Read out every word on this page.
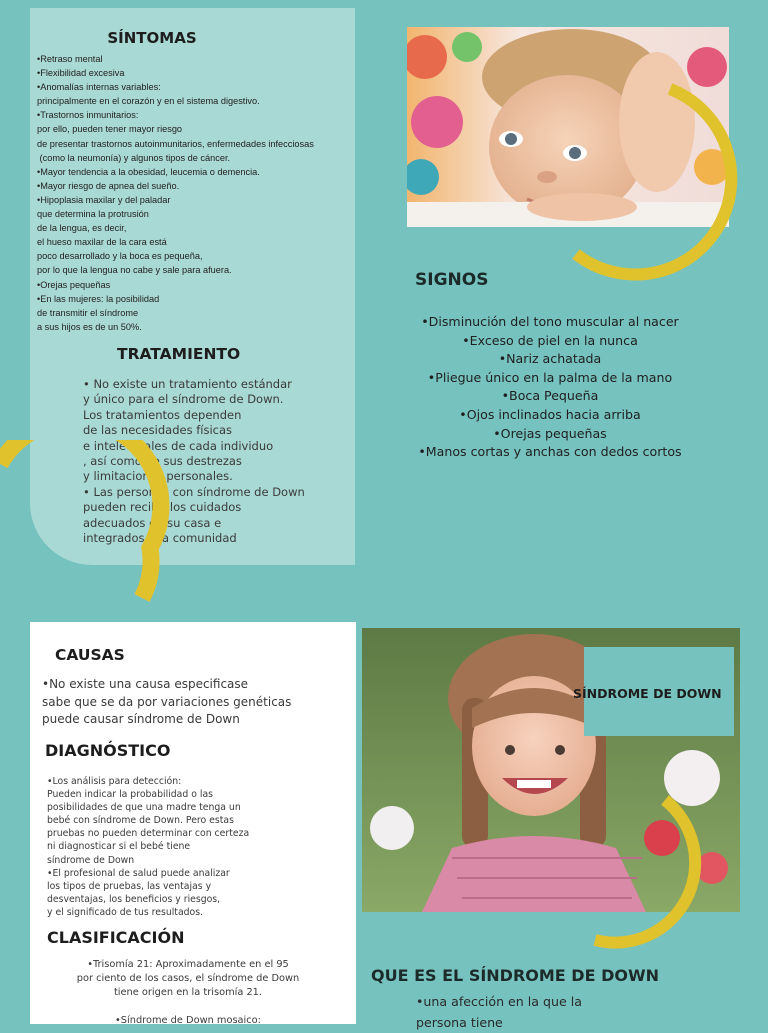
SÍNTOMAS
•Retraso mental
•Flexibilidad excesiva
•Anomalías internas variables:
principalmente en el corazón y en el sistema digestivo.
•Trastornos inmunitarios:
por ello, pueden tener mayor riesgo
de presentar trastornos autoinmunitarios, enfermedades infecciosas
(como la neumonía) y algunos tipos de cáncer.
•Mayor tendencia a la obesidad, leucemia o demencia.
•Mayor riesgo de apnea del sueño.
•Hipoplasia maxilar y del paladar
que determina la protrusión
de la lengua, es decir,
el hueso maxilar de la cara está
poco desarrollado y la boca es pequeña,
por lo que la lengua no cabe y sale para afuera.
•Orejas pequeñas
•En las mujeres: la posibilidad
de transmitir el síndrome
a sus hijos es de un 50%.
TRATAMIENTO
• No existe un tratamiento estándar
y único para el síndrome de Down.
Los tratamientos dependen
de las necesidades físicas
e intelectuales de cada individuo
, así como de sus destrezas
y limitaciones personales.
• Las personas con síndrome de Down
pueden recibir los cuidados
adecuados en su casa e
integrados a la comunidad
SIGNOS
•Disminución del tono muscular al nacer
•Exceso de piel en la nunca
•Nariz achatada
•Pliegue único en la palma de la mano
•Boca Pequeña
•Ojos inclinados hacia arriba
•Orejas pequeñas
•Manos cortas y anchas con dedos cortos
CAUSAS
•No existe una causa especificase
sabe que se da por variaciones genéticas
puede causar síndrome de Down
DIAGNÓSTICO
•Los análisis para detección:
Pueden indicar la probabilidad o las
posibilidades de que una madre tenga un
bebé con síndrome de Down. Pero estas
pruebas no pueden determinar con certeza
ni diagnosticar si el bebé tiene
síndrome de Down
•El profesional de salud puede analizar
los tipos de pruebas, las ventajas y
desventajas, los beneficios y riesgos,
y el significado de tus resultados.
CLASIFICACIÓN
•Trisomía 21: Aproximadamente en el 95
por ciento de los casos, el síndrome de Down
tiene origen en la trisomía 21.

•Síndrome de Down mosaico:
SÍNDROME DE DOWN
QUE ES EL SÍNDROME DE DOWN
•una afección en la que la
persona tiene
